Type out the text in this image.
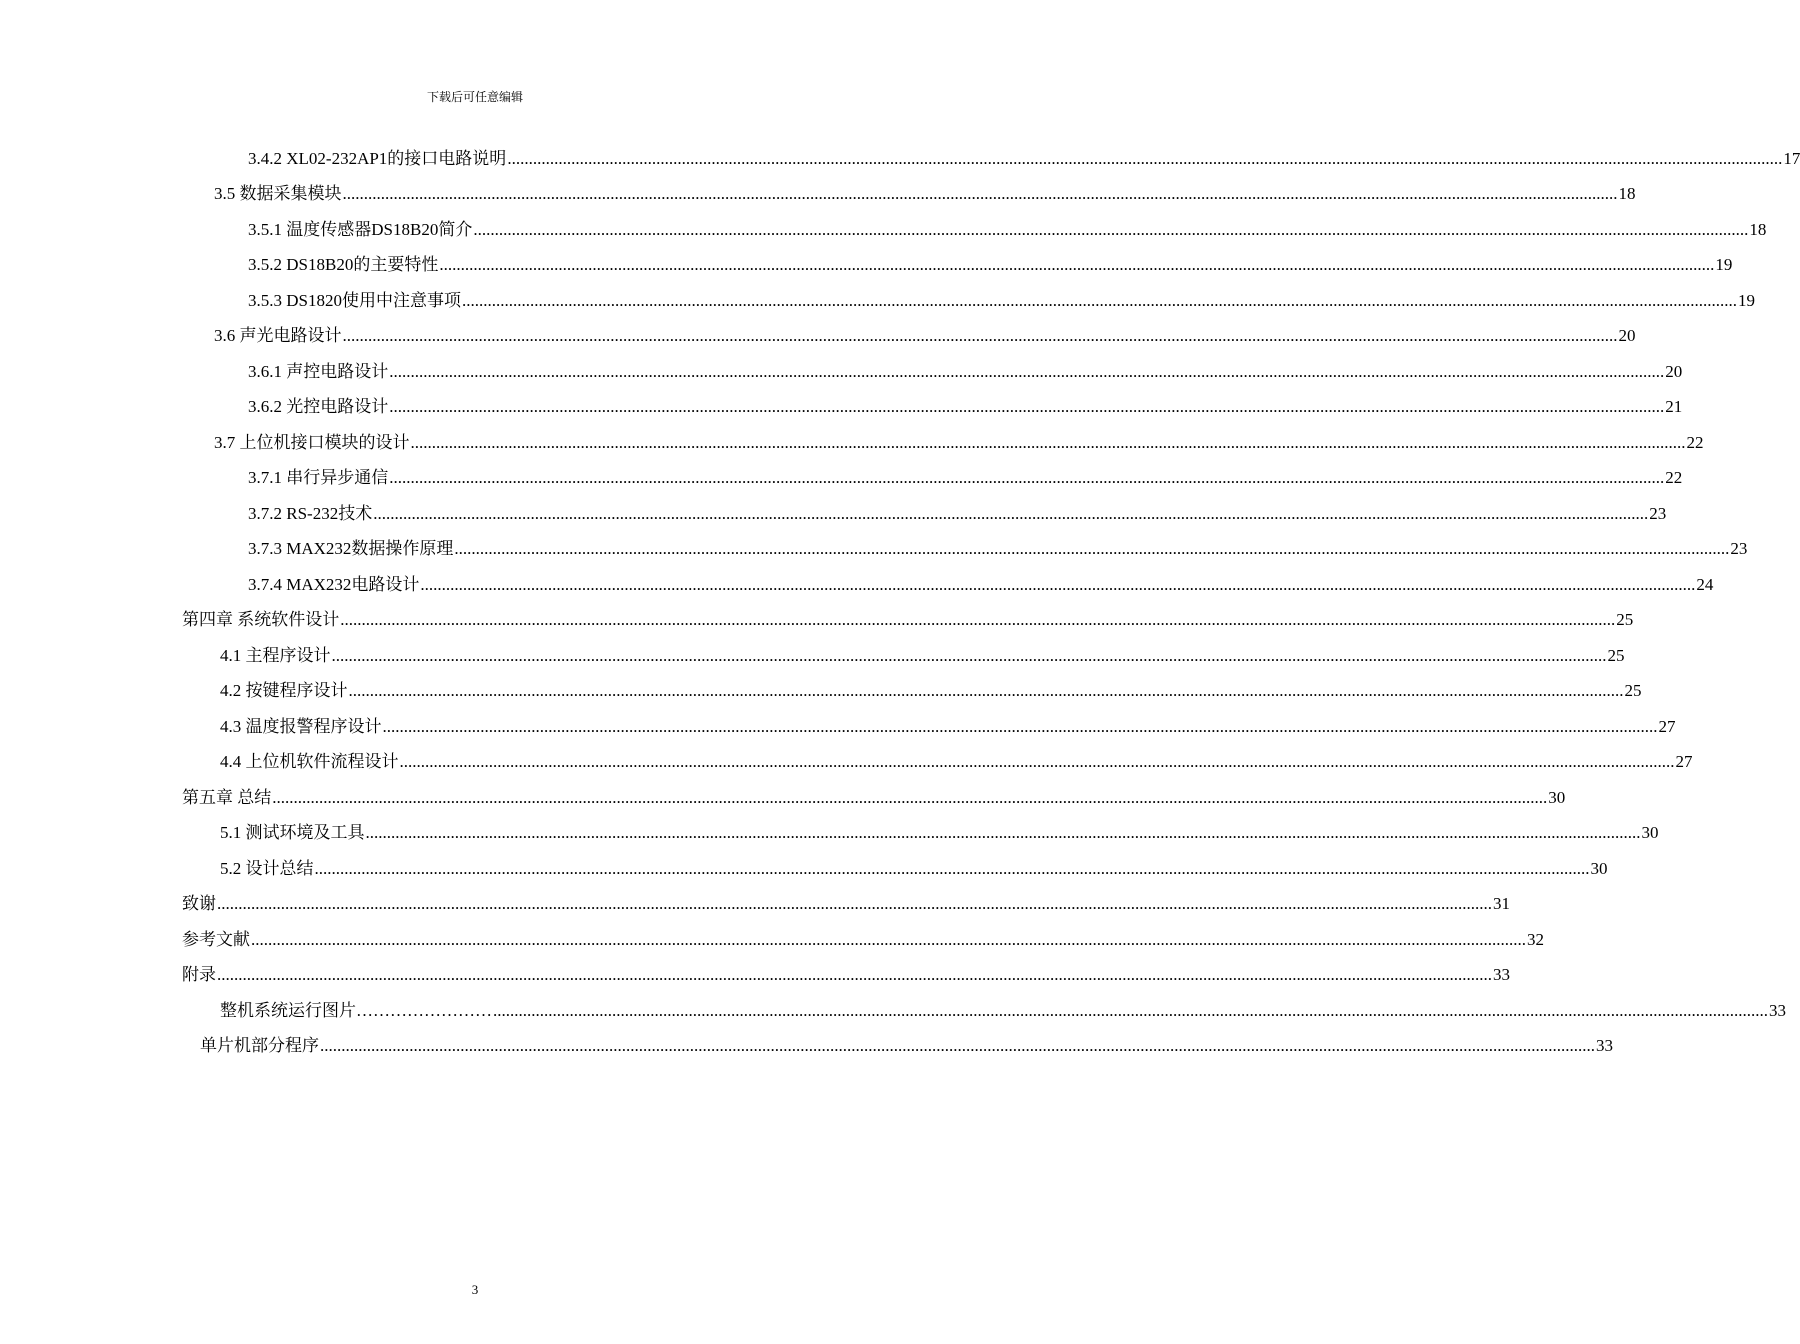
下载后可任意编辑
3.4.2 XL02-232AP1的接口电路说明 ............................................................................................................................................................................................................................................................................................................ 17
3.5 数据采集模块 ............................................................................................................................................................................................................................................................................................................ 18
3.5.1 温度传感器DS18B20简介 ............................................................................................................................................................................................................................................................................................................ 18
3.5.2 DS18B20的主要特性 ............................................................................................................................................................................................................................................................................................................ 19
3.5.3 DS1820使用中注意事项 ............................................................................................................................................................................................................................................................................................................ 19
3.6 声光电路设计 ............................................................................................................................................................................................................................................................................................................ 20
3.6.1 声控电路设计 ............................................................................................................................................................................................................................................................................................................ 20
3.6.2 光控电路设计 ............................................................................................................................................................................................................................................................................................................ 21
3.7 上位机接口模块的设计 ............................................................................................................................................................................................................................................................................................................ 22
3.7.1 串行异步通信 ............................................................................................................................................................................................................................................................................................................ 22
3.7.2 RS-232技术 ............................................................................................................................................................................................................................................................................................................ 23
3.7.3 MAX232数据操作原理 ............................................................................................................................................................................................................................................................................................................ 23
3.7.4 MAX232电路设计 ............................................................................................................................................................................................................................................................................................................ 24
第四章 系统软件设计 ............................................................................................................................................................................................................................................................................................................ 25
4.1 主程序设计 ............................................................................................................................................................................................................................................................................................................ 25
4.2 按键程序设计 ............................................................................................................................................................................................................................................................................................................ 25
4.3 温度报警程序设计 ............................................................................................................................................................................................................................................................................................................ 27
4.4 上位机软件流程设计 ............................................................................................................................................................................................................................................................................................................ 27
第五章 总结 ............................................................................................................................................................................................................................................................................................................ 30
5.1 测试环境及工具 ............................................................................................................................................................................................................................................................................................................ 30
5.2 设计总结 ............................................................................................................................................................................................................................................................................................................ 30
致谢 ............................................................................................................................................................................................................................................................................................................ 31
参考文献 ............................................................................................................................................................................................................................................................................................................ 32
附录 ............................................................................................................................................................................................................................................................................................................ 33
整机系统运行图片…………………… ............................................................................................................................................................................................................................................................................................................ 33
单片机部分程序 ............................................................................................................................................................................................................................................................................................................ 33
3
